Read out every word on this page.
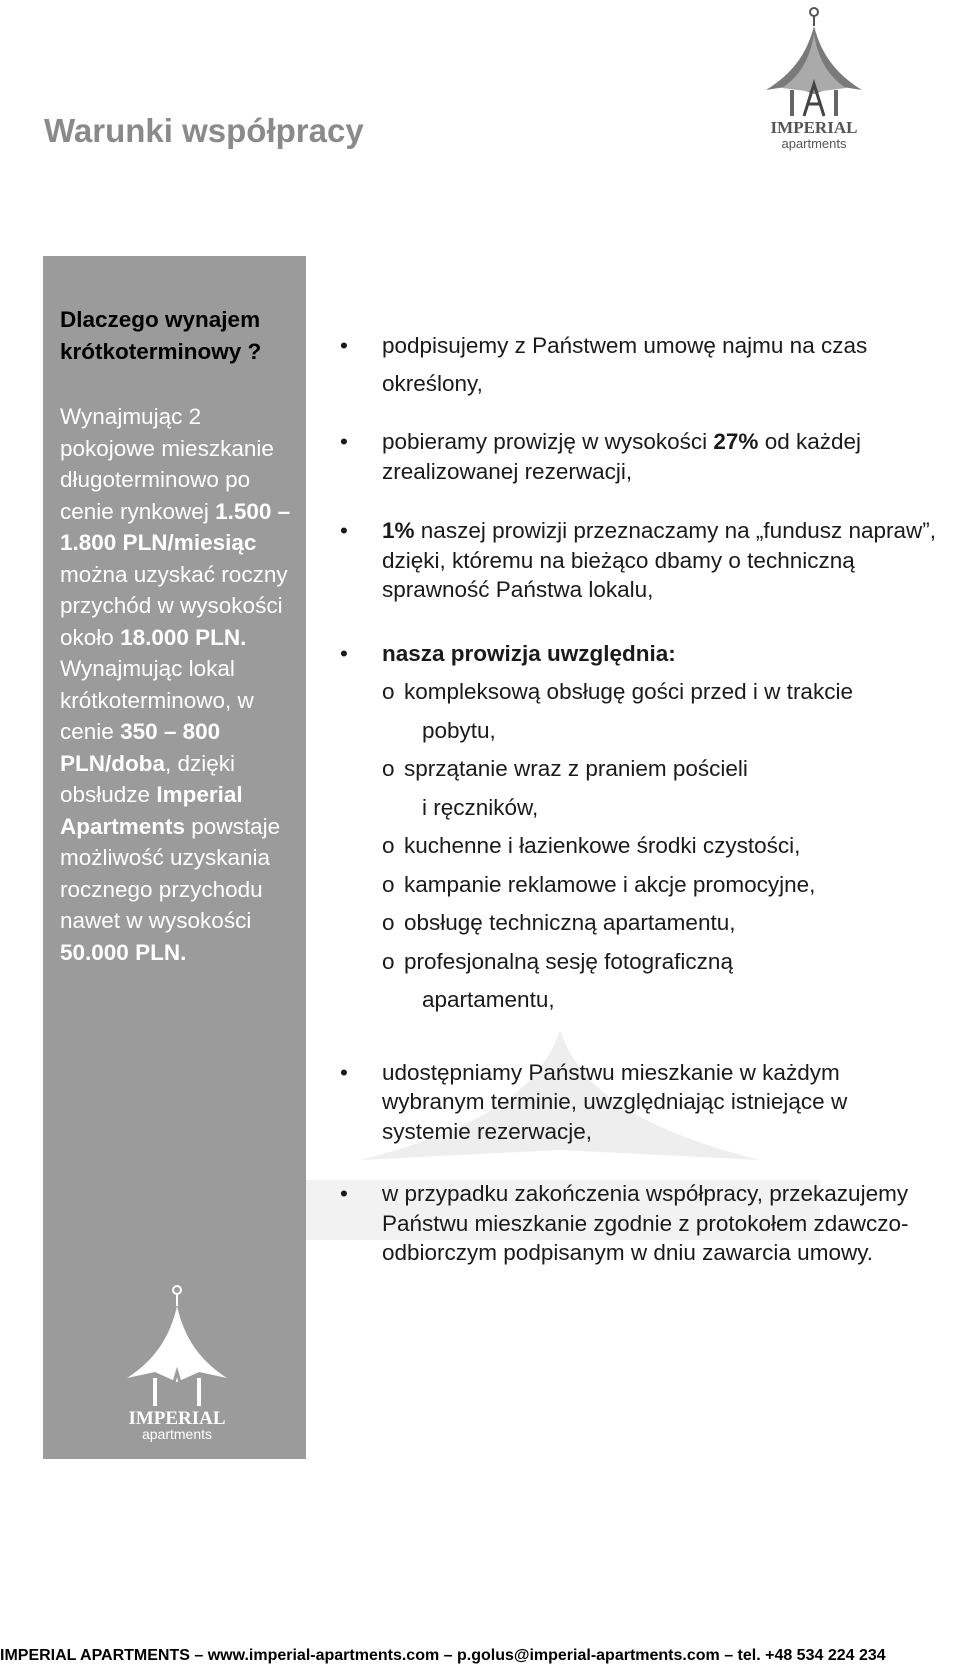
Warunki współpracy	IMPERIAL
apartments

Dlaczego wynajem krótkoterminowy ?

Wynajmując 2 pokojowe mieszkanie długoterminowo po cenie rynkowej 1.500 – 1.800 PLN/miesiąc można uzyskać roczny przychód w wysokości około 18.000 PLN. Wynajmując lokal krótkoterminowo, w cenie 350 – 800 PLN/doba, dzięki obsłudze Imperial Apartments powstaje możliwość uzyskania rocznego przychodu nawet w wysokości 50.000 PLN.

IMPERIAL
apartments
• podpisujemy z Państwem umowę najmu na czas

określony,

• pobieramy prowizję w wysokości 27% od każdej zrealizowanej rezerwacji,

• 1% naszej prowizji przeznaczamy na „fundusz napraw”, dzięki, któremu na bieżąco dbamy o techniczną sprawność Państwa lokalu,

• nasza prowizja uwzględnia:

o kompleksową obsługę gości przed i w trakcie
pobytu,
o sprzątanie wraz z praniem pościeli
i ręczników,
o kuchenne i łazienkowe środki czystości,
o kampanie reklamowe i akcje promocyjne,
o obsługę techniczną apartamentu,
o profesjonalną sesję fotograficzną
apartamentu,
• udostępniamy Państwu mieszkanie w każdym wybranym terminie, uwzględniając istniejące w systemie rezerwacje,

• w przypadku zakończenia współpracy, przekazujemy Państwu mieszkanie zgodnie z protokołem zdawczo-odbiorczym podpisanym w dniu zawarcia umowy.

IMPERIAL APARTMENTS – www.imperial-apartments.com – p.golus@imperial-apartments.com – tel. +48 534 224 234
